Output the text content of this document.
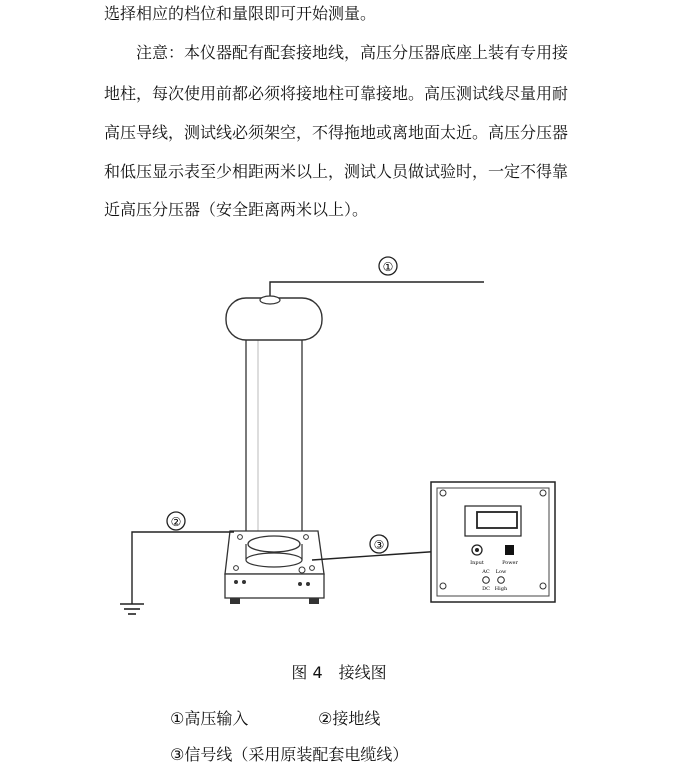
选择相应的档位和量限即可开始测量。
注意：本仪器配有配套接地线，高压分压器底座上装有专用接
地柱，每次使用前都必须将接地柱可靠接地。高压测试线尽量用耐
高压导线，测试线必须架空，不得拖地或离地面太近。高压分压器
和低压显示表至少相距两米以上，测试人员做试验时，一定不得靠
近高压分压器（安全距离两米以上）。
①
②
③
Input	Power
AC Low
DC High
图 4　接线图
①高压输入	②接地线
③信号线（采用原装配套电缆线）
